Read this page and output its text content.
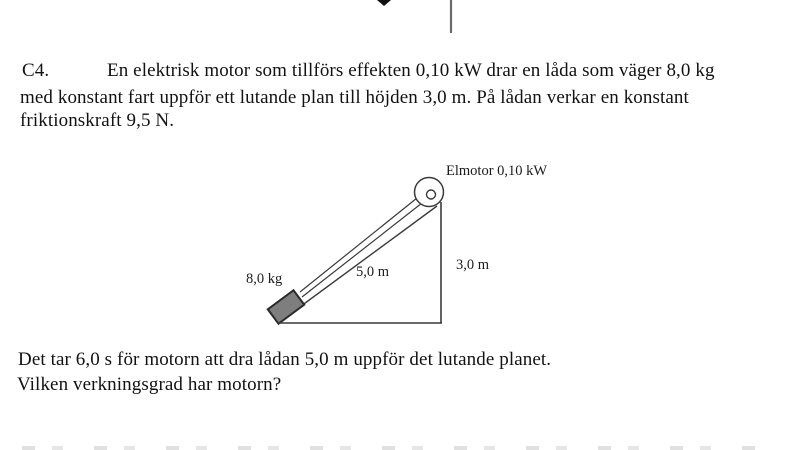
C4.	En elektrisk motor som tillförs effekten 0,10 kW drar en låda som väger 8,0 kg
med konstant fart uppför ett lutande plan till höjden 3,0 m. På lådan verkar en konstant
friktionskraft 9,5 N.
Elmotor 0,10 kW
3,0 m
5,0 m
8,0 kg
Det tar 6,0 s för motorn att dra lådan 5,0 m uppför det lutande planet.
Vilken verkningsgrad har motorn?
